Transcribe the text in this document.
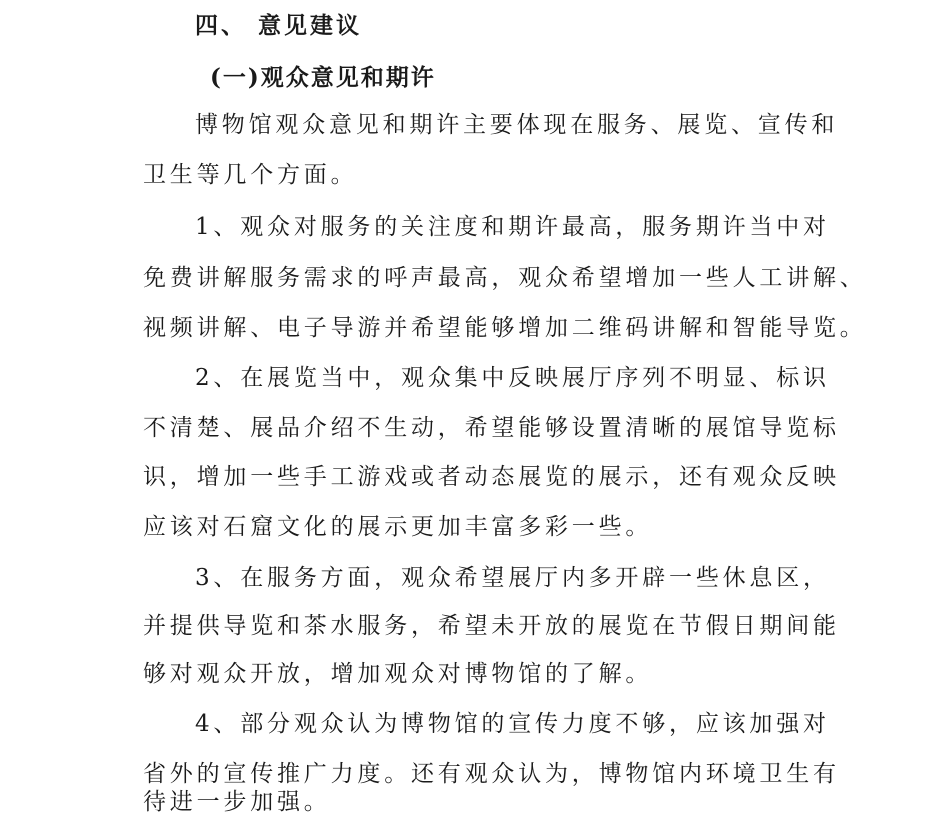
四、 意见建议
(一)观众意见和期许
博物馆观众意见和期许主要体现在服务、展览、宣传和
卫生等几个方面。
1、观众对服务的关注度和期许最高，服务期许当中对
免费讲解服务需求的呼声最高，观众希望增加一些人工讲解、
视频讲解、电子导游并希望能够增加二维码讲解和智能导览。
2、在展览当中，观众集中反映展厅序列不明显、标识
不清楚、展品介绍不生动，希望能够设置清晰的展馆导览标
识，增加一些手工游戏或者动态展览的展示，还有观众反映
应该对石窟文化的展示更加丰富多彩一些。
3、在服务方面，观众希望展厅内多开辟一些休息区，
并提供导览和茶水服务，希望未开放的展览在节假日期间能
够对观众开放，增加观众对博物馆的了解。
4、部分观众认为博物馆的宣传力度不够，应该加强对
省外的宣传推广力度。还有观众认为，博物馆内环境卫生有
待进一步加强。
